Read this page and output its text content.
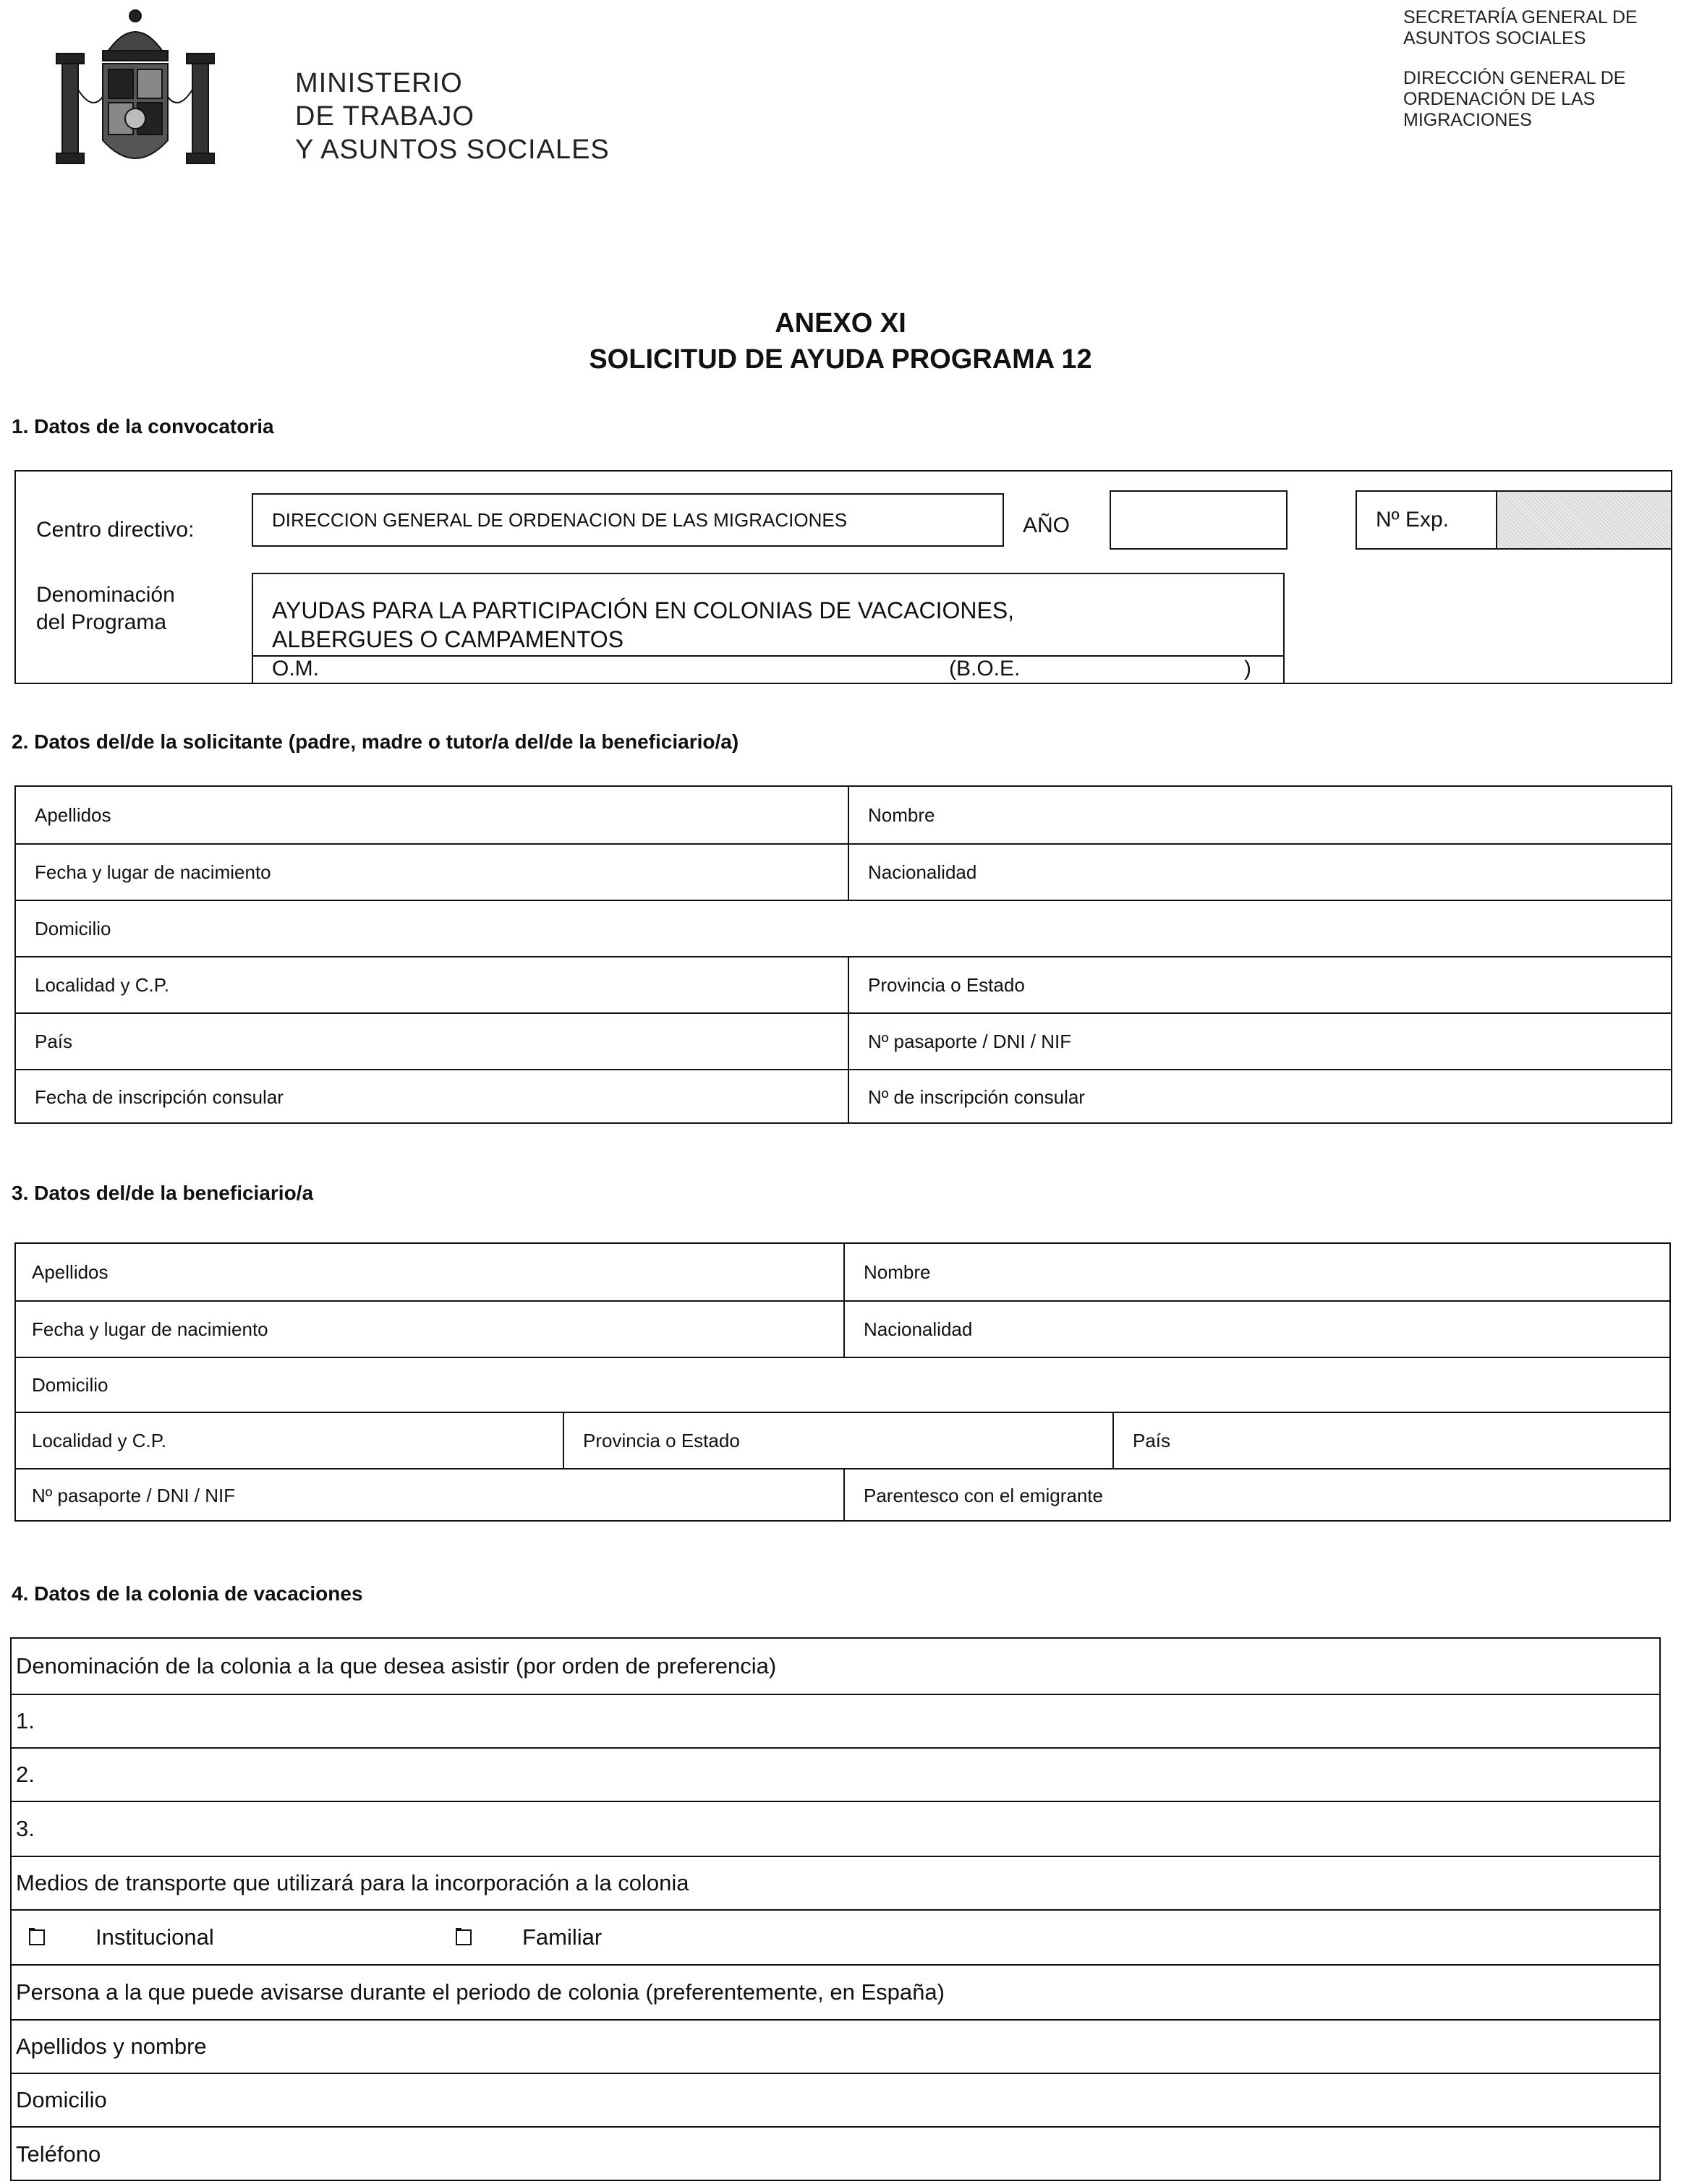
MINISTERIO
DE TRABAJO
Y ASUNTOS SOCIALES
SECRETARÍA GENERAL DE
ASUNTOS SOCIALES
DIRECCIÓN GENERAL DE
ORDENACIÓN DE LAS
MIGRACIONES
ANEXO XI
SOLICITUD DE AYUDA PROGRAMA 12
1. Datos de la convocatoria
Centro directivo:	DIRECCION GENERAL DE ORDENACION DE LAS MIGRACIONES	AÑO	Nº Exp.
Denominación
del Programa	AYUDAS PARA LA PARTICIPACIÓN EN COLONIAS DE VACACIONES,
ALBERGUES O CAMPAMENTOS
O.M.	(B.O.E.	)
2. Datos del/de la solicitante (padre, madre o tutor/a del/de la beneficiario/a)
Apellidos	Nombre
Fecha y lugar de nacimiento	Nacionalidad
Domicilio
Localidad y C.P.	Provincia o Estado
País	Nº pasaporte / DNI / NIF
Fecha de inscripción consular	Nº de inscripción consular
3. Datos del/de la beneficiario/a
Apellidos	Nombre
Fecha y lugar de nacimiento	Nacionalidad
Domicilio
Localidad y C.P.	Provincia o Estado	País
Nº pasaporte / DNI / NIF	Parentesco con el emigrante
4. Datos de la colonia de vacaciones
Denominación de la colonia a la que desea asistir (por orden de preferencia)
1.
2.
3.
Medios de transporte que utilizará para la incorporación a la colonia
Institucional	Familiar
Persona a la que puede avisarse durante el periodo de colonia (preferentemente, en España)
Apellidos y nombre
Domicilio
Teléfono
